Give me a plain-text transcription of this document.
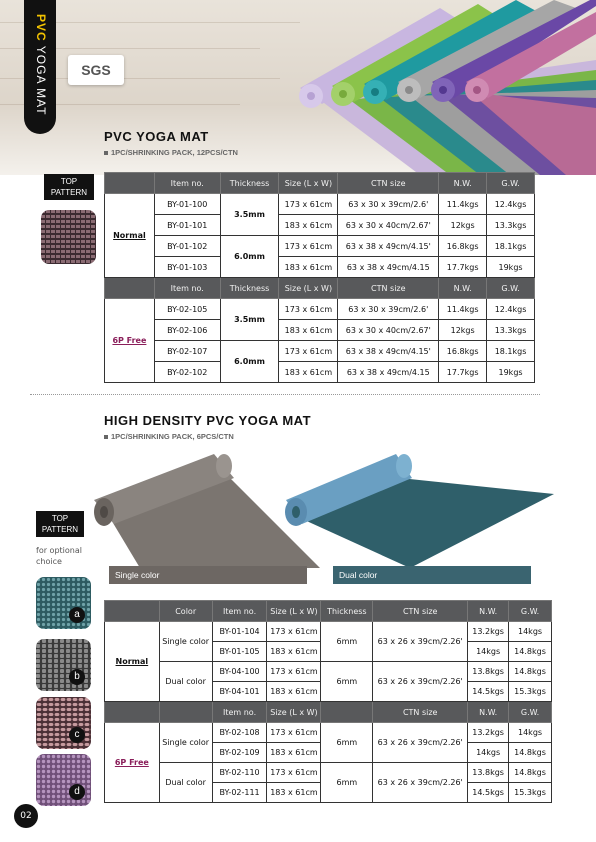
PVC YOGA MAT	SGS
PVC YOGA MAT
1PC/SHRINKING PACK, 12PCS/CTN
TOP
PATTERN
	Item no.	Thickness	Size (L x W)	CTN size	N.W.	G.W.
Normal	BY-01-100	3.5mm	173 x 61cm	63 x 30 x 39cm/2.6'	11.4kgs	12.4kgs
	BY-01-101		183 x 61cm	63 x 30 x 40cm/2.67'	12kgs	13.3kgs
	BY-01-102	6.0mm	173 x 61cm	63 x 38 x 49cm/4.15'	16.8kgs	18.1kgs
	BY-01-103		183 x 61cm	63 x 38 x 49cm/4.15	17.7kgs	19kgs
	Item no.	Thickness	Size (L x W)	CTN size	N.W.	G.W.
6P Free	BY-02-105	3.5mm	173 x 61cm	63 x 30 x 39cm/2.6'	11.4kgs	12.4kgs
	BY-02-106		183 x 61cm	63 x 30 x 40cm/2.67'	12kgs	13.3kgs
	BY-02-107	6.0mm	173 x 61cm	63 x 38 x 49cm/4.15'	16.8kgs	18.1kgs
	BY-02-102		183 x 61cm	63 x 38 x 49cm/4.15	17.7kgs	19kgs
HIGH DENSITY PVC YOGA MAT
1PC/SHRINKING PACK, 6PCS/CTN
Single color	Dual color
TOP
PATTERN
for optional choice
a
b
c
d
	Color	Item no.	Size (L x W)	Thickness	CTN size	N.W.	G.W.
Normal	Single color	BY-01-104	173 x 61cm	6mm	63 x 26 x 39cm/2.26'	13.2kgs	14kgs
		BY-01-105	183 x 61cm			14kgs	14.8kgs
	Dual color	BY-04-100	173 x 61cm	6mm	63 x 26 x 39cm/2.26'	13.8kgs	14.8kgs
		BY-04-101	183 x 61cm			14.5kgs	15.3kgs
		Item no.	Size (L x W)		CTN size	N.W.	G.W.
6P Free	Single color	BY-02-108	173 x 61cm	6mm	63 x 26 x 39cm/2.26'	13.2kgs	14kgs
		BY-02-109	183 x 61cm			14kgs	14.8kgs
	Dual color	BY-02-110	173 x 61cm	6mm	63 x 26 x 39cm/2.26'	13.8kgs	14.8kgs
		BY-02-111	183 x 61cm			14.5kgs	15.3kgs
02
